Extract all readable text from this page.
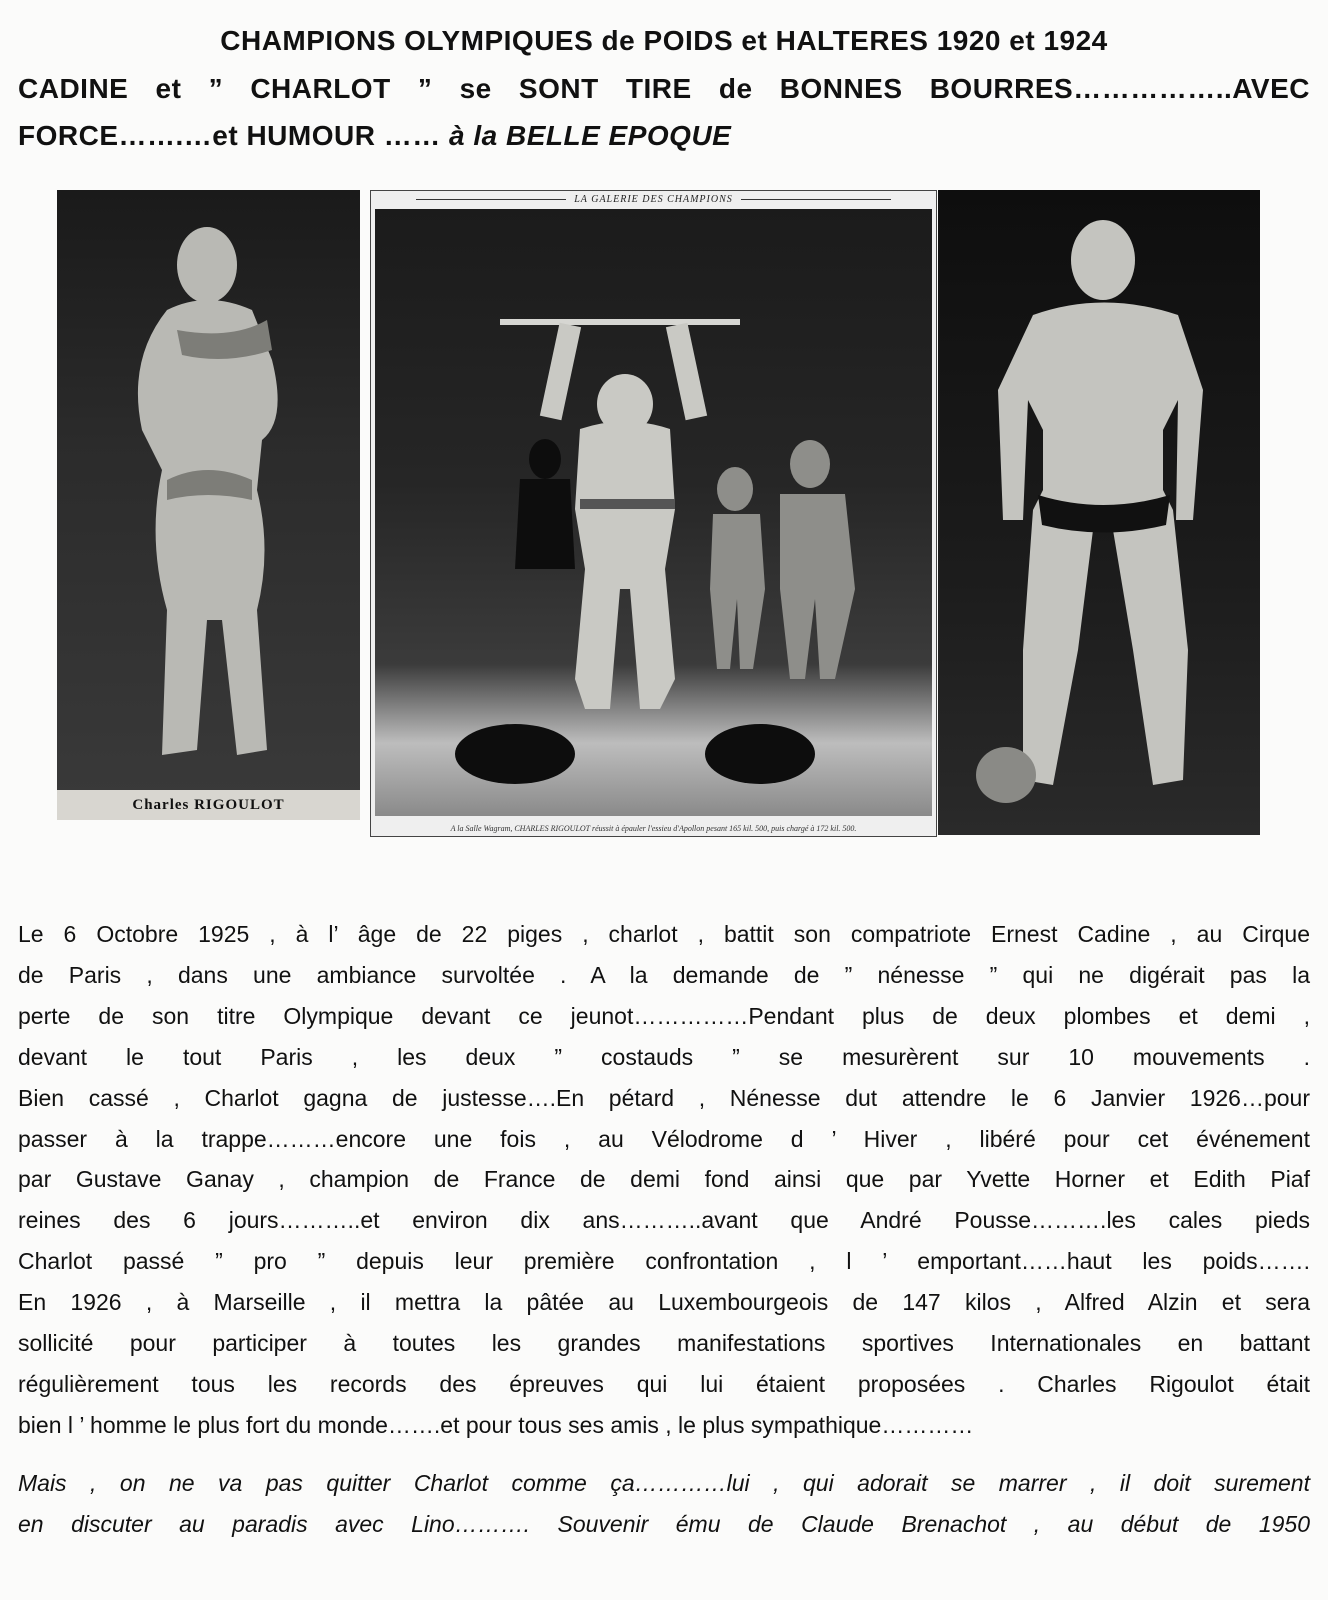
CHAMPIONS OLYMPIQUES de POIDS et HALTERES 1920 et 1924
CADINE et ” CHARLOT ” se SONT TIRE de BONNES BOURRES……………..AVEC
FORCE…….…et HUMOUR …… à la BELLE EPOQUE
Charles RIGOULOT
LA GALERIE DES CHAMPIONS
A la Salle Wagram, CHARLES RIGOULOT réussit à épauler l'essieu d'Apollon pesant 165 kil. 500, puis chargé à 172 kil. 500.

Le 6 Octobre 1925 , à l’ âge de 22 piges , charlot , battit son compatriote Ernest Cadine , au Cirque

de Paris , dans une ambiance survoltée . A la demande de ” nénesse ” qui ne digérait pas la

perte de son titre Olympique devant ce jeunot……………Pendant plus de deux plombes et demi ,

devant le tout Paris , les deux ” costauds ” se mesurèrent sur 10 mouvements .

Bien cassé , Charlot gagna de justesse….En pétard , Nénesse dut attendre le 6 Janvier 1926…pour

passer à la trappe………encore une fois , au Vélodrome d ’ Hiver , libéré pour cet événement

par Gustave Ganay , champion de France de demi fond ainsi que par Yvette Horner et Edith Piaf

reines des 6 jours………..et environ dix ans………..avant que André Pousse……….les cales pieds

Charlot passé ” pro ” depuis leur première confrontation , l ’ emportant……haut les poids…….

En 1926 , à Marseille , il mettra la pâtée au Luxembourgeois de 147 kilos , Alfred Alzin et sera

sollicité pour participer à toutes les grandes manifestations sportives Internationales en battant

régulièrement tous les records des épreuves qui lui étaient proposées . Charles Rigoulot était

bien l ’ homme le plus fort du monde…….et pour tous ses amis , le plus sympathique…………

Mais , on ne va pas quitter Charlot comme ça…………lui , qui adorait se marrer , il doit surement

en discuter au paradis avec Lino………. Souvenir ému de Claude Brenachot , au début de 1950
